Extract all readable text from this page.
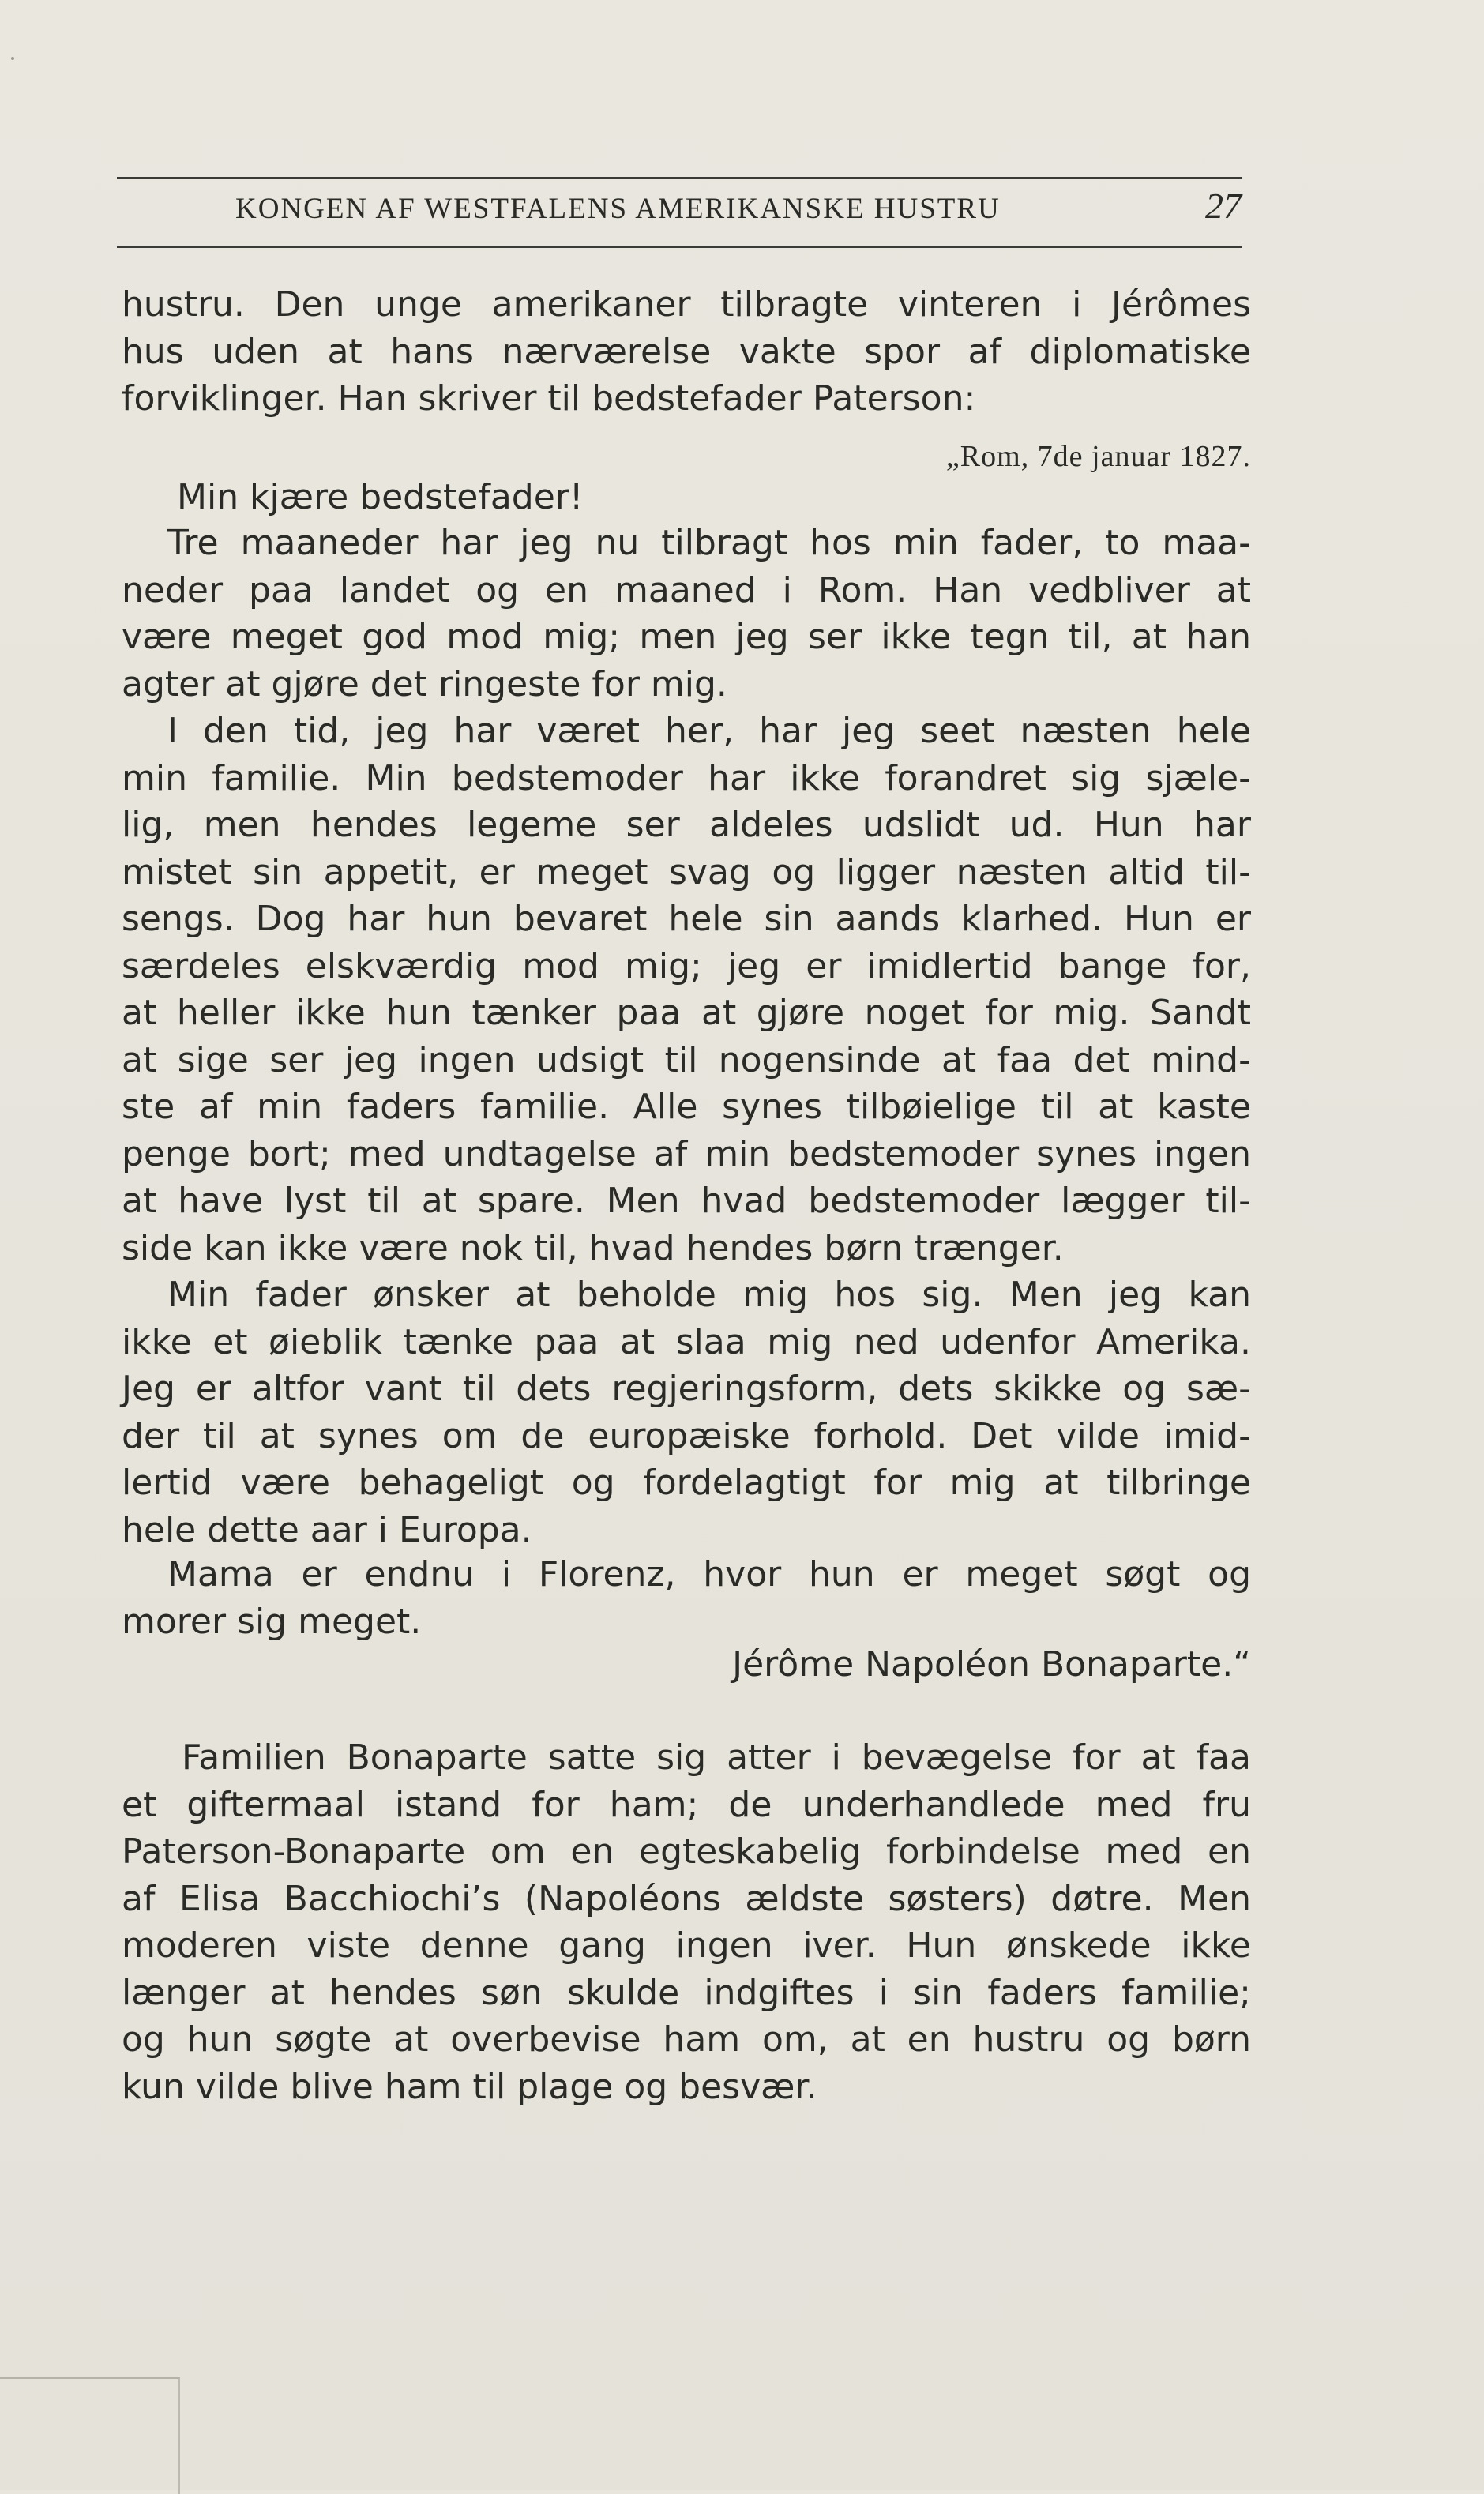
KONGEN AF WESTFALENS AMERIKANSKE HUSTRU	27
hustru. Den unge amerikaner tilbragte vinteren i Jérômes
hus uden at hans nærværelse vakte spor af diplomatiske
forviklinger. Han skriver til bedstefader Paterson:
„Rom, 7de januar 1827.
Min kjære bedstefader!
Tre maaneder har jeg nu tilbragt hos min fader, to maa-
neder paa landet og en maaned i Rom. Han vedbliver at
være meget god mod mig; men jeg ser ikke tegn til, at han
agter at gjøre det ringeste for mig.
I den tid, jeg har været her, har jeg seet næsten hele
min familie. Min bedstemoder har ikke forandret sig sjæle-
lig, men hendes legeme ser aldeles udslidt ud. Hun har
mistet sin appetit, er meget svag og ligger næsten altid til-
sengs. Dog har hun bevaret hele sin aands klarhed. Hun er
særdeles elskværdig mod mig; jeg er imidlertid bange for,
at heller ikke hun tænker paa at gjøre noget for mig. Sandt
at sige ser jeg ingen udsigt til nogensinde at faa det mind-
ste af min faders familie. Alle synes tilbøielige til at kaste
penge bort; med undtagelse af min bedstemoder synes ingen
at have lyst til at spare. Men hvad bedstemoder lægger til-
side kan ikke være nok til, hvad hendes børn trænger.
Min fader ønsker at beholde mig hos sig. Men jeg kan
ikke et øieblik tænke paa at slaa mig ned udenfor Amerika.
Jeg er altfor vant til dets regjeringsform, dets skikke og sæ-
der til at synes om de europæiske forhold. Det vilde imid-
lertid være behageligt og fordelagtigt for mig at tilbringe
hele dette aar i Europa.
Mama er endnu i Florenz, hvor hun er meget søgt og
morer sig meget.
Jérôme Napoléon Bonaparte.“
Familien Bonaparte satte sig atter i bevægelse for at faa
et giftermaal istand for ham; de underhandlede med fru
Paterson-Bonaparte om en egteskabelig forbindelse med en
af Elisa Bacchiochi’s (Napoléons ældste søsters) døtre. Men
moderen viste denne gang ingen iver. Hun ønskede ikke
længer at hendes søn skulde indgiftes i sin faders familie;
og hun søgte at overbevise ham om, at en hustru og børn
kun vilde blive ham til plage og besvær.
